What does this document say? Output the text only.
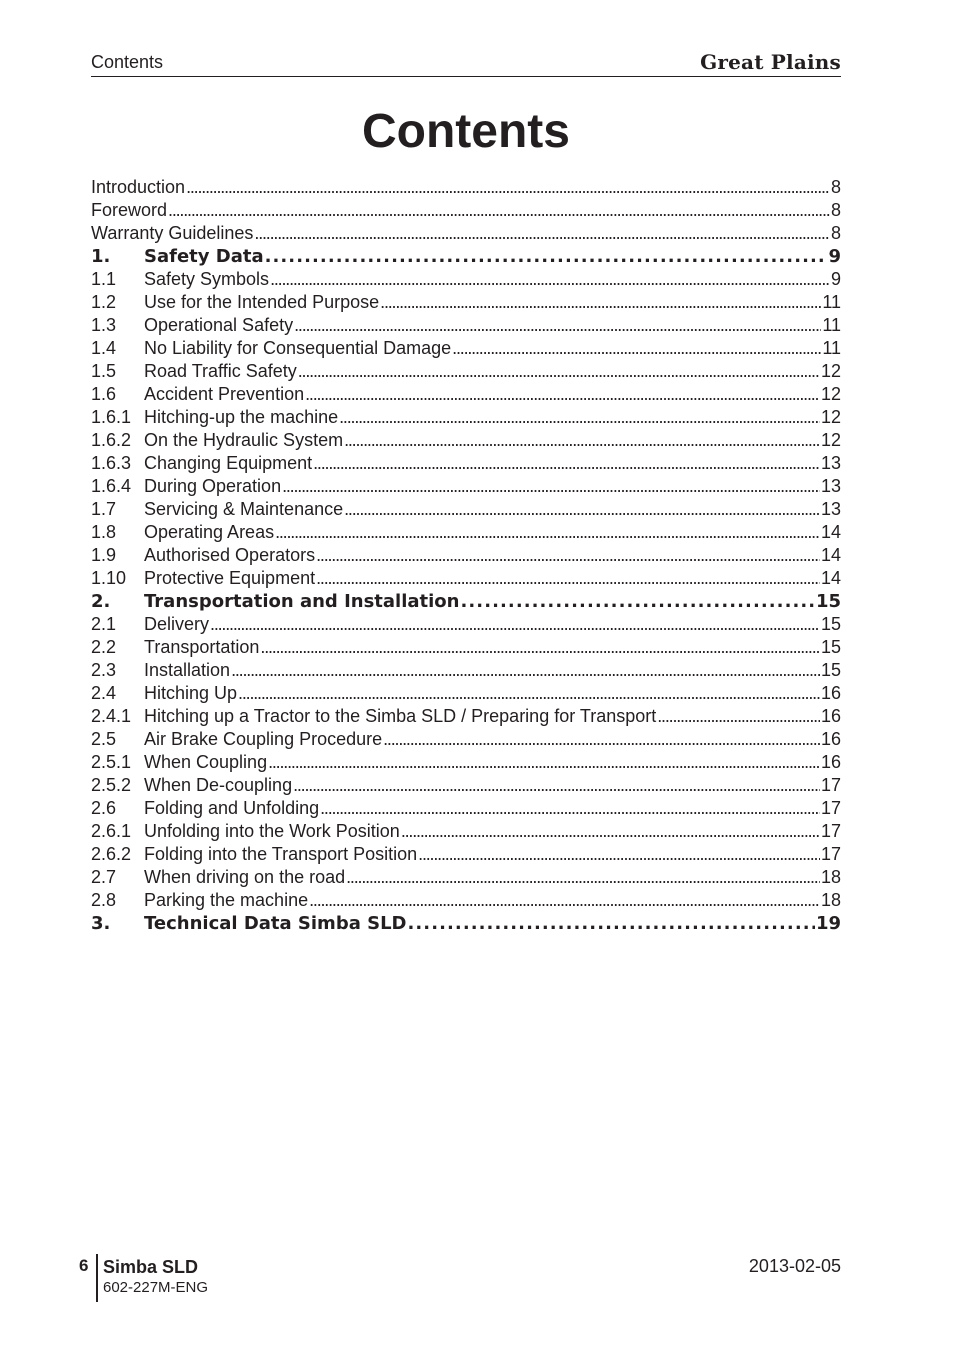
Contents	Great Plains
Contents
Introduction . . .	8
Foreword . . .	8
Warranty Guidelines . . .	8
1.	Safety Data . . .	9
1.1	Safety Symbols . . .	9
1.2	Use for the Intended Purpose . . .	11
1.3	Operational Safety . . .	11
1.4	No Liability for Consequential Damage . . .	11
1.5	Road Traffic Safety . . .	12
1.6	Accident Prevention . . .	12
1.6.1 Hitching-up the machine . . .	12
1.6.2 On the Hydraulic System . . .	12
1.6.3 Changing Equipment . . .	13
1.6.4 During Operation . . .	13
1.7	Servicing & Maintenance . . .	13
1.8	Operating Areas . . .	14
1.9	Authorised Operators . . .	14
1.10 Protective Equipment . . .	14
2.	Transportation and Installation . . .	15
2.1	Delivery . . .	15
2.2	Transportation . . .	15
2.3	Installation . . .	15
2.4	Hitching Up . . .	16
2.4.1 Hitching up a Tractor to the Simba SLD / Preparing for Transport . . .	16
2.5	Air Brake Coupling Procedure . . .	16
2.5.1 When Coupling . . .	16
2.5.2 When De-coupling . . .	17
2.6	Folding and Unfolding . . .	17
2.6.1 Unfolding into the Work Position . . .	17
2.6.2 Folding into the Transport Position . . .	17
2.7	When driving on the road . . .	18
2.8	Parking the machine . . .	18
3.	Technical Data Simba SLD . . .	19
6 Simba SLD
602-227M-ENG
2013-02-05
